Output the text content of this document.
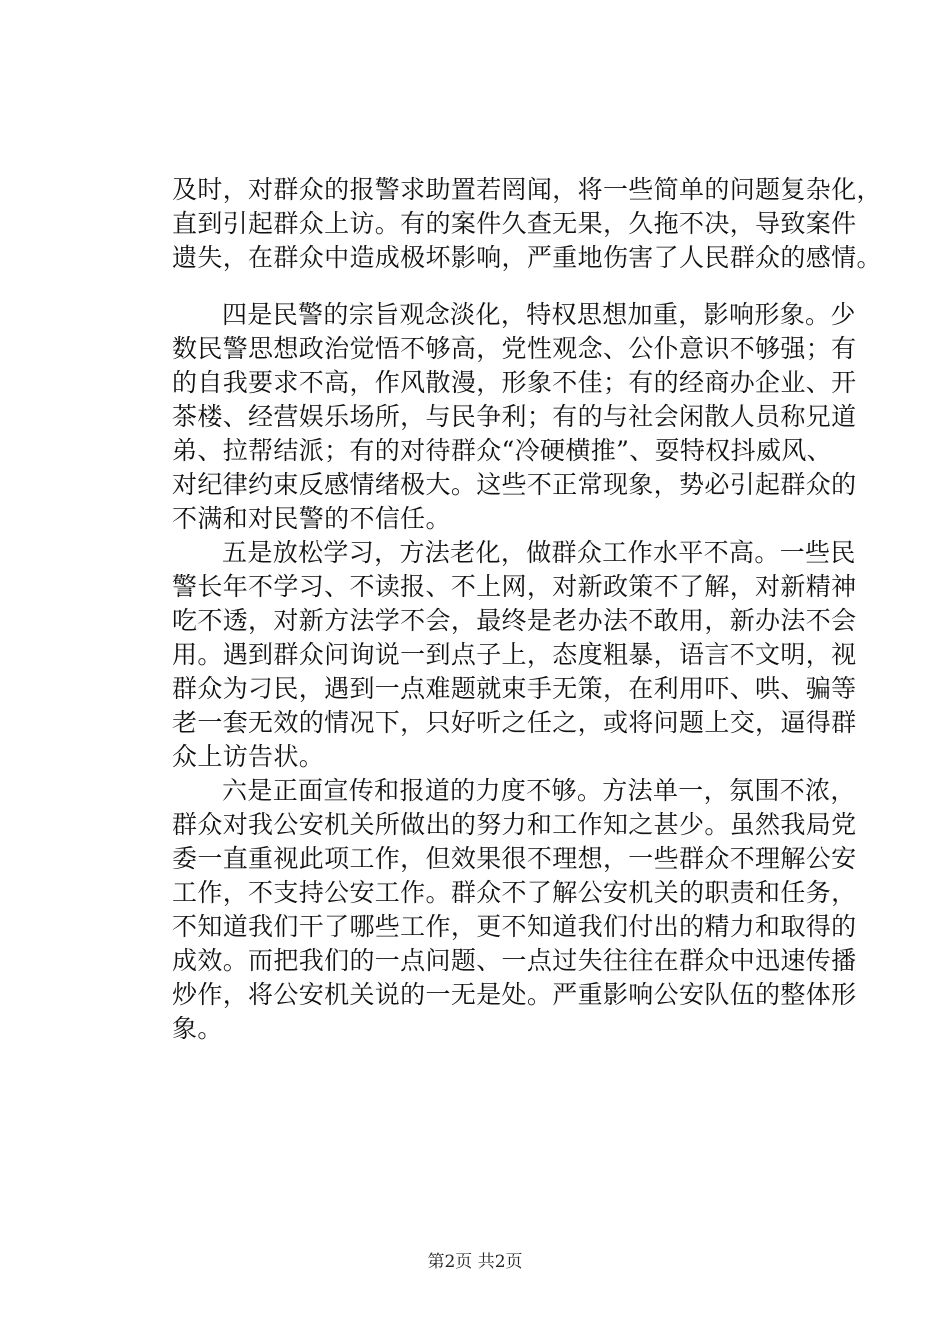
及时，对群众的报警求助置若罔闻，将一些简单的问题复杂化，
直到引起群众上访。有的案件久查无果，久拖不决，导致案件
遗失，在群众中造成极坏影响，严重地伤害了人民群众的感情。
四是民警的宗旨观念淡化，特权思想加重，影响形象。少
数民警思想政治觉悟不够高，党性观念、公仆意识不够强；有
的自我要求不高，作风散漫，形象不佳；有的经商办企业、开
茶楼、经营娱乐场所，与民争利；有的与社会闲散人员称兄道
弟、拉帮结派；有的对待群众“冷硬横推”、耍特权抖威风、
对纪律约束反感情绪极大。这些不正常现象，势必引起群众的
不满和对民警的不信任。
五是放松学习，方法老化，做群众工作水平不高。一些民
警长年不学习、不读报、不上网，对新政策不了解，对新精神
吃不透，对新方法学不会，最终是老办法不敢用，新办法不会
用。遇到群众问询说一到点子上，态度粗暴，语言不文明，视
群众为刁民，遇到一点难题就束手无策，在利用吓、哄、骗等
老一套无效的情况下，只好听之任之，或将问题上交，逼得群
众上访告状。
六是正面宣传和报道的力度不够。方法单一，氛围不浓，
群众对我公安机关所做出的努力和工作知之甚少。虽然我局党
委一直重视此项工作，但效果很不理想，一些群众不理解公安
工作，不支持公安工作。群众不了解公安机关的职责和任务，
不知道我们干了哪些工作，更不知道我们付出的精力和取得的
成效。而把我们的一点问题、一点过失往往在群众中迅速传播
炒作，将公安机关说的一无是处。严重影响公安队伍的整体形
象。
第2页 共2页
